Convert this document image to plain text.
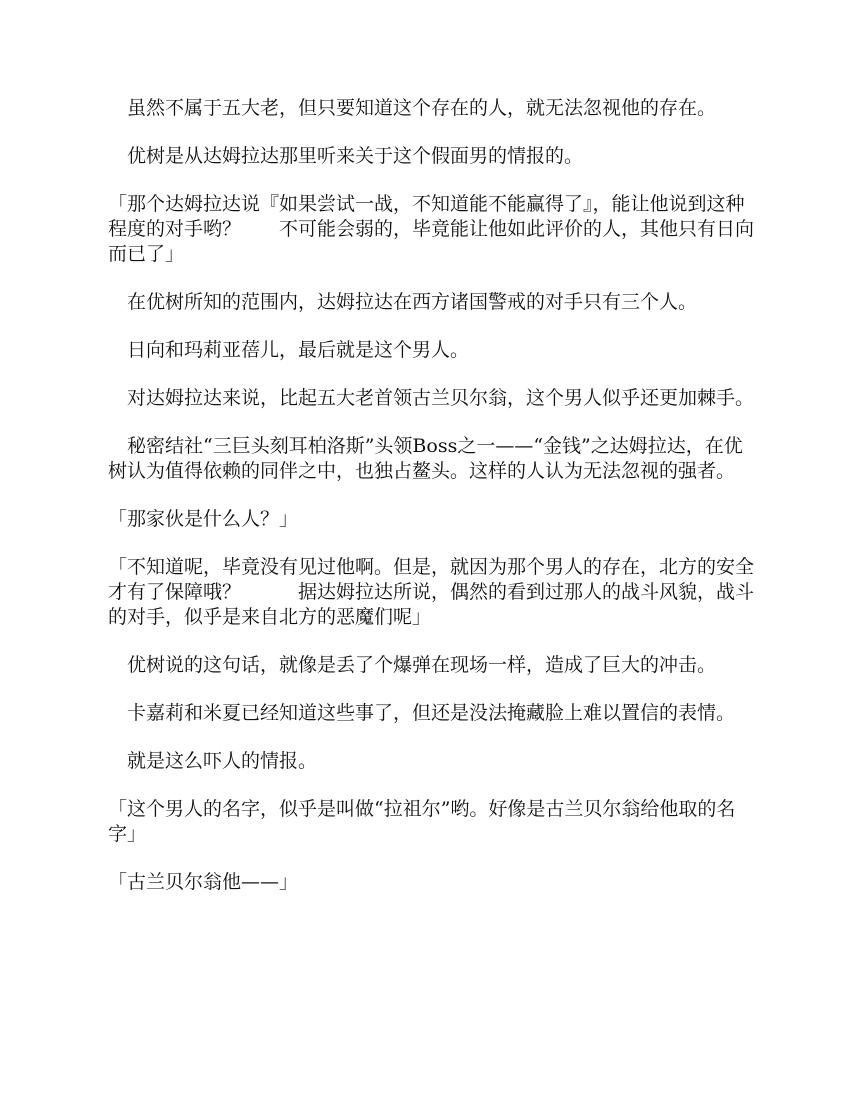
　虽然不属于五大老，但只要知道这个存在的人，就无法忽视他的存在。

　优树是从达姆拉达那里听来关于这个假面男的情报的。

「那个达姆拉达说『如果尝试一战，不知道能不能赢得了』，能让他说到这种程度的对手哟？　　不可能会弱的，毕竟能让他如此评价的人，其他只有日向而已了」

　在优树所知的范围内，达姆拉达在西方诸国警戒的对手只有三个人。

　日向和玛莉亚蓓儿，最后就是这个男人。

　对达姆拉达来说，比起五大老首领古兰贝尔翁，这个男人似乎还更加棘手。

　秘密结社“三巨头刻耳柏洛斯”头领Boss之一——“金钱”之达姆拉达，在优树认为值得依赖的同伴之中，也独占鳌头。这样的人认为无法忽视的强者。

「那家伙是什么人？」

「不知道呢，毕竟没有见过他啊。但是，就因为那个男人的存在，北方的安全才有了保障哦？　　　据达姆拉达所说，偶然的看到过那人的战斗风貌，战斗的对手，似乎是来自北方的恶魔们呢」

　优树说的这句话，就像是丢了个爆弹在现场一样，造成了巨大的冲击。

　卡嘉莉和米夏已经知道这些事了，但还是没法掩藏脸上难以置信的表情。

　就是这么吓人的情报。

「这个男人的名字，似乎是叫做“拉祖尔”哟。好像是古兰贝尔翁给他取的名字」

「古兰贝尔翁他——」
